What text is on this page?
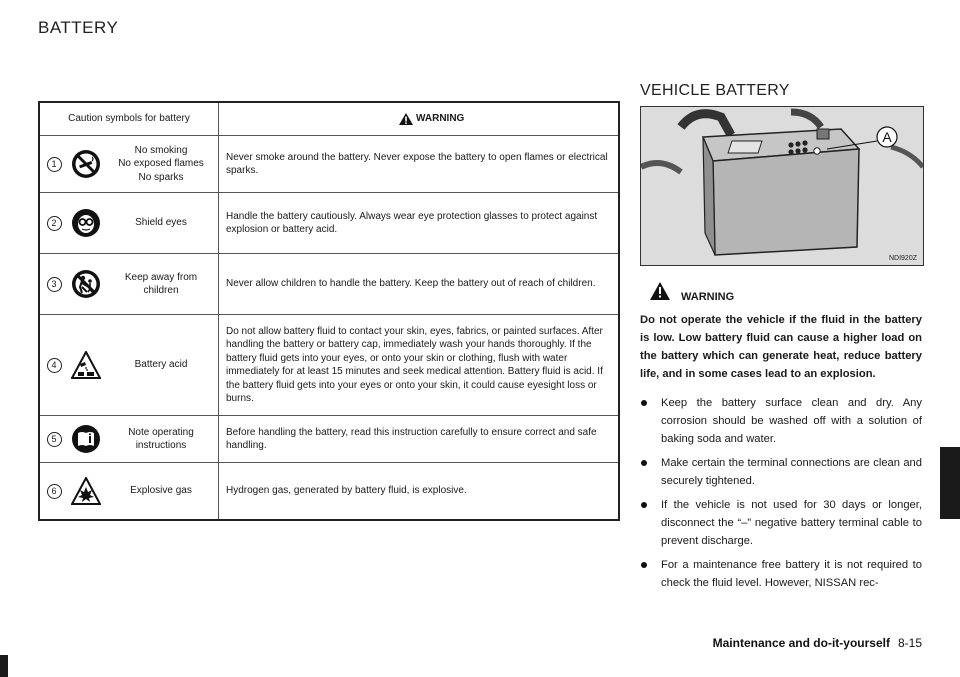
BATTERY
Caution symbols for battery			WARNING
1		No smoking
No exposed flames
No sparks	Never smoke around the battery. Never expose the battery to open flames or electrical sparks.
2		Shield eyes	Handle the battery cautiously. Always wear eye protection glasses to protect against explosion or battery acid.
3		Keep away from
children	Never allow children to handle the battery. Keep the battery out of reach of children.
4		Battery acid	Do not allow battery fluid to contact your skin, eyes, fabrics, or painted surfaces. After handling the battery or battery cap, immediately wash your hands thoroughly. If the battery fluid gets into your eyes, or onto your skin or clothing, flush with water immediately for at least 15 minutes and seek medical attention. Battery fluid is acid. If the battery fluid gets into your eyes or onto your skin, it could cause eyesight loss or burns.
5		Note operating
instructions	Before handling the battery, read this instruction carefully to ensure correct and safe handling.
6		Explosive gas	Hydrogen gas, generated by battery fluid, is explosive.
VEHICLE BATTERY
A
NDI920Z
WARNING
Do not operate the vehicle if the fluid in the battery is low. Low battery fluid can cause a higher load on the battery which can generate heat, reduce battery life, and in some cases lead to an explosion.
Keep the battery surface clean and dry. Any corrosion should be washed off with a solution of baking soda and water.
Make certain the terminal connections are clean and securely tightened.
If the vehicle is not used for 30 days or longer, disconnect the “–” negative battery terminal cable to prevent discharge.
For a maintenance free battery it is not required to check the fluid level. However, NISSAN rec-
Maintenance and do-it-yourself 8-15
